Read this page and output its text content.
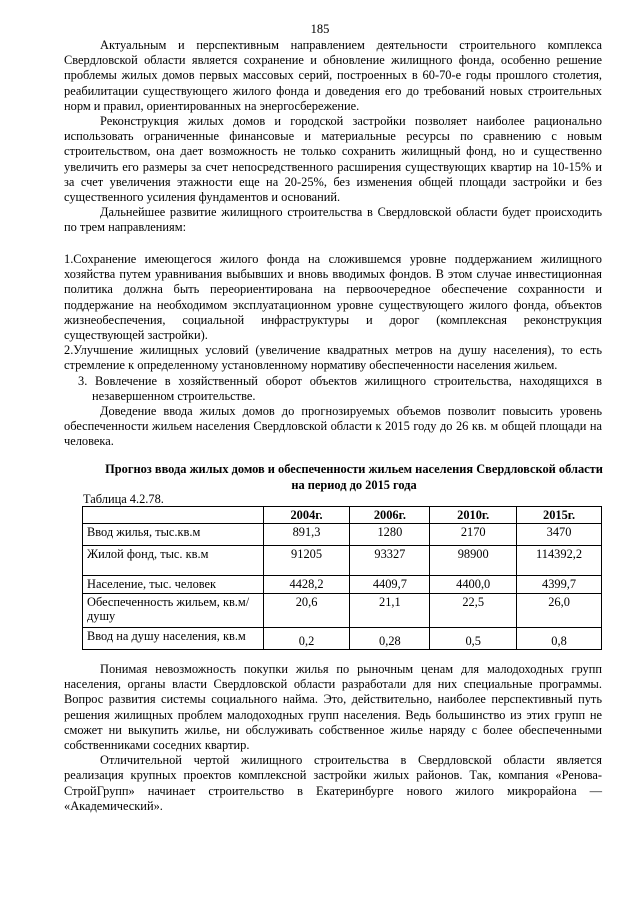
185

Актуальным и перспективным направлением деятельности строительного комплекса Свердловской области является сохранение и обновление жилищного фонда, особенно решение проблемы жилых домов первых массовых серий, построенных в 60-70-е годы прошлого столетия, реабилитации существующего жилого фонда и доведения его до требований новых строительных норм и правил, ориентированных на энергосбережение.

Реконструкция жилых домов и городской застройки позволяет наиболее рационально использовать ограниченные финансовые и материальные ресурсы по сравнению с новым строительством, она дает возможность не только сохранить жилищный фонд, но и существенно увеличить его размеры за счет непосредственного расширения существующих квартир на 10-15% и за счет увеличения этажности еще на 20-25%, без изменения общей площади застройки и без существенного усиления фундаментов и оснований.

Дальнейшее развитие жилищного строительства в Свердловской области будет происходить по трем направлениям:

1.Сохранение имеющегося жилого фонда на сложившемся уровне поддержанием жилищного хозяйства путем уравнивания выбывших и вновь вводимых фондов. В этом случае инвестиционная политика должна быть переориентирована на первоочередное обеспечение сохранности и поддержание на необходимом эксплуатационном уровне существующего жилого фонда, объектов жизнеобеспечения, социальной инфраструктуры и дорог (комплексная реконструкция существующей застройки).

2.Улучшение жилищных условий (увеличение квадратных метров на душу населения), то есть стремление к определенному установленному нормативу обеспеченности населения жильем.

3. Вовлечение в хозяйственный оборот объектов жилищного строительства, находящихся в незавершенном строительстве.

Доведение ввода жилых домов до прогнозируемых объемов позволит повысить уровень обеспеченности жильем населения Свердловской области к 2015 году до 26 кв. м общей площади на человека.

Прогноз ввода жилых домов и обеспеченности жильем населения Свердловской области на период до 2015 года
Таблица 4.2.78.
	2004г.	2006г.	2010г.	2015г.
Ввод жилья, тыс.кв.м	891,3	1280	2170	3470
Жилой фонд, тыс. кв.м	91205	93327	98900	114392,2
Население, тыс. человек	4428,2	4409,7	4400,0	4399,7
Обеспеченность жильем, кв.м/душу	20,6	21,1	22,5	26,0
Ввод на душу населения, кв.м	0,2	0,28	0,5	0,8

Понимая невозможность покупки жилья по рыночным ценам для малодоходных групп населения, органы власти Свердловской области разработали для них специальные программы. Вопрос развития системы социального найма. Это, действительно, наиболее перспективный путь решения жилищных проблем малодоходных групп населения. Ведь большинство из этих групп не сможет ни выкупить жилье, ни обслуживать собственное жилье наряду с более обеспеченными собственниками соседних квартир.

Отличительной чертой жилищного строительства в Свердловской области является реализация крупных проектов комплексной застройки жилых районов. Так, компания «Ренова-СтройГрупп» начинает строительство в Екатеринбурге нового жилого микрорайона — «Академический».
